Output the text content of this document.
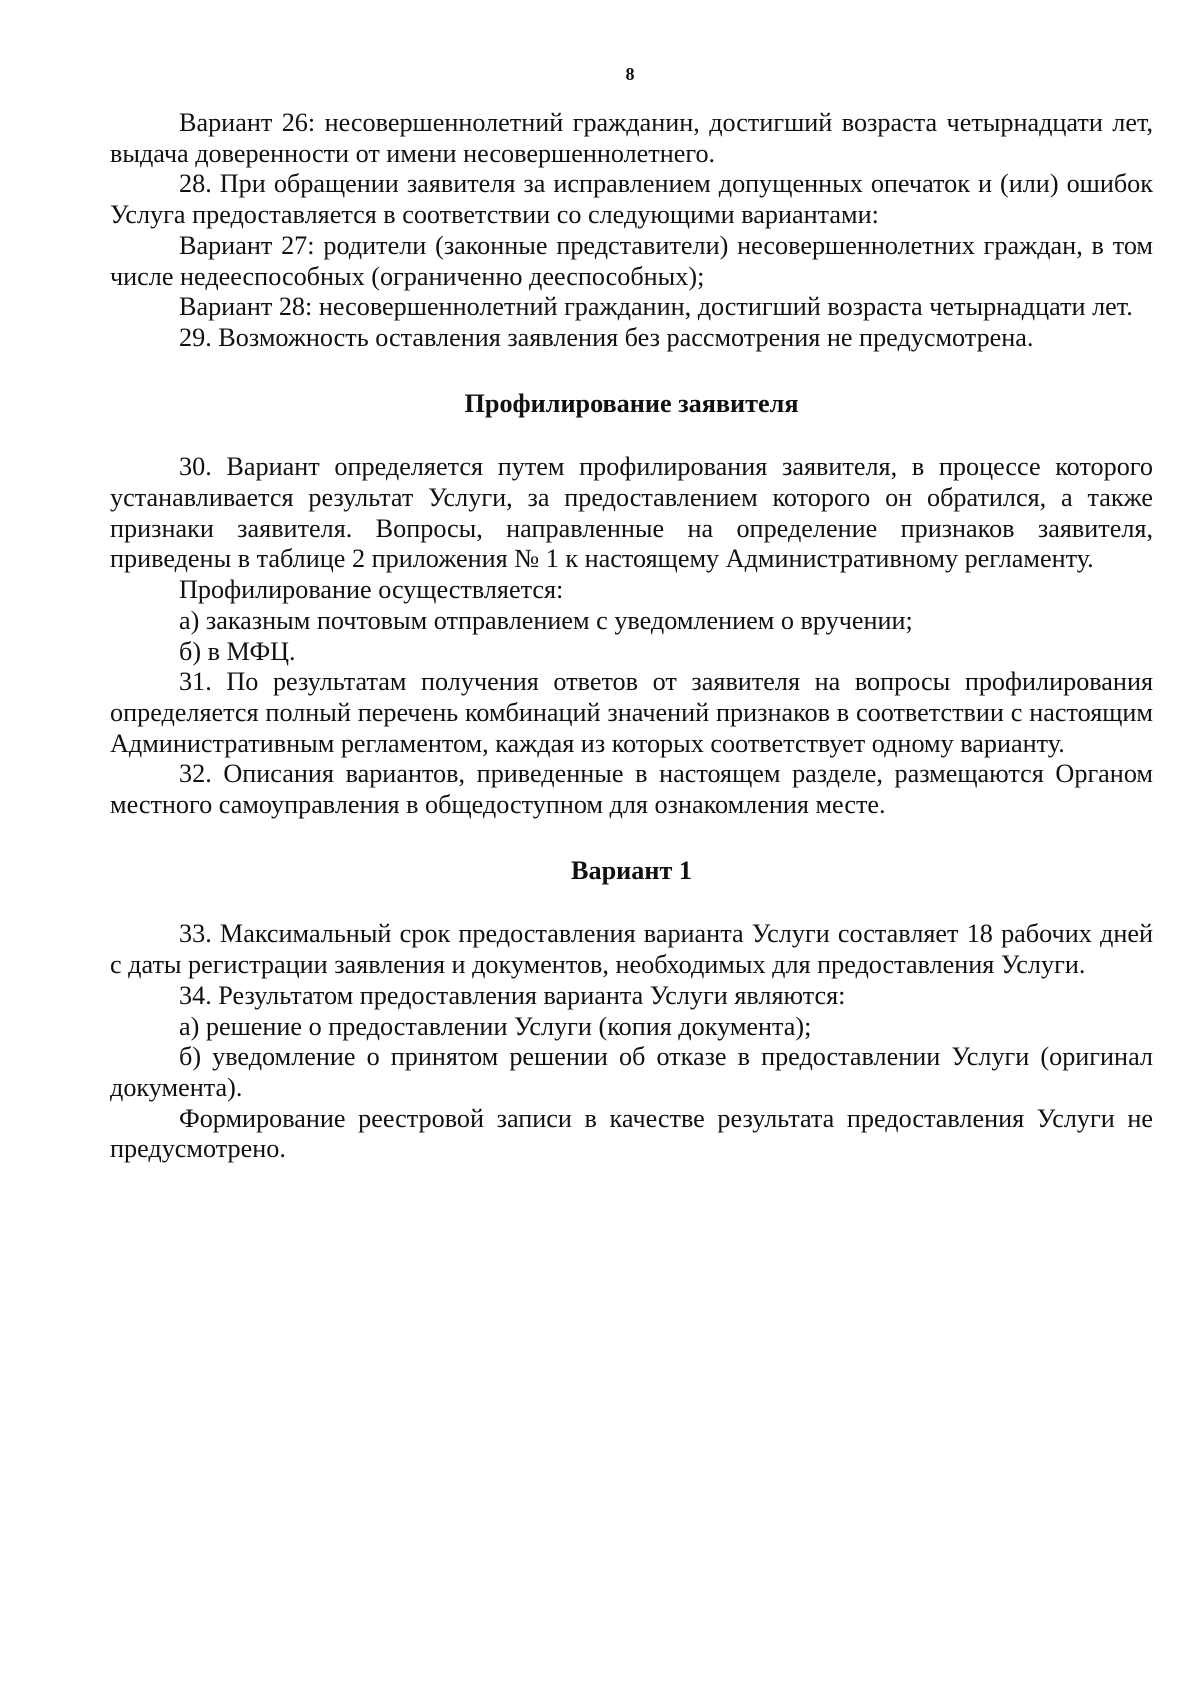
8

Вариант 26: несовершеннолетний гражданин, достигший возраста четырнадцати лет, выдача доверенности от имени несовершеннолетнего.

28. При обращении заявителя за исправлением допущенных опечаток и (или) ошибок Услуга предоставляется в соответствии со следующими вариантами:

Вариант 27: родители (законные представители) несовершеннолетних граждан, в том числе недееспособных (ограниченно дееспособных);

Вариант 28: несовершеннолетний гражданин, достигший возраста четырнадцати лет.

29. Возможность оставления заявления без рассмотрения не предусмотрена.

Профилирование заявителя

30. Вариант определяется путем профилирования заявителя, в процессе которого устанавливается результат Услуги, за предоставлением которого он обратился, а также признаки заявителя. Вопросы, направленные на определение признаков заявителя, приведены в таблице 2 приложения № 1 к настоящему Административному регламенту.

Профилирование осуществляется:

а) заказным почтовым отправлением с уведомлением о вручении;

б) в МФЦ.

31. По результатам получения ответов от заявителя на вопросы профилирования определяется полный перечень комбинаций значений признаков в соответствии с настоящим Административным регламентом, каждая из которых соответствует одному варианту.

32. Описания вариантов, приведенные в настоящем разделе, размещаются Органом местного самоуправления в общедоступном для ознакомления месте.

Вариант 1

33. Максимальный срок предоставления варианта Услуги составляет 18 рабочих дней с даты регистрации заявления и документов, необходимых для предоставления Услуги.

34. Результатом предоставления варианта Услуги являются:

а) решение о предоставлении Услуги (копия документа);

б) уведомление о принятом решении об отказе в предоставлении Услуги (оригинал документа).

Формирование реестровой записи в качестве результата предоставления Услуги не предусмотрено.
